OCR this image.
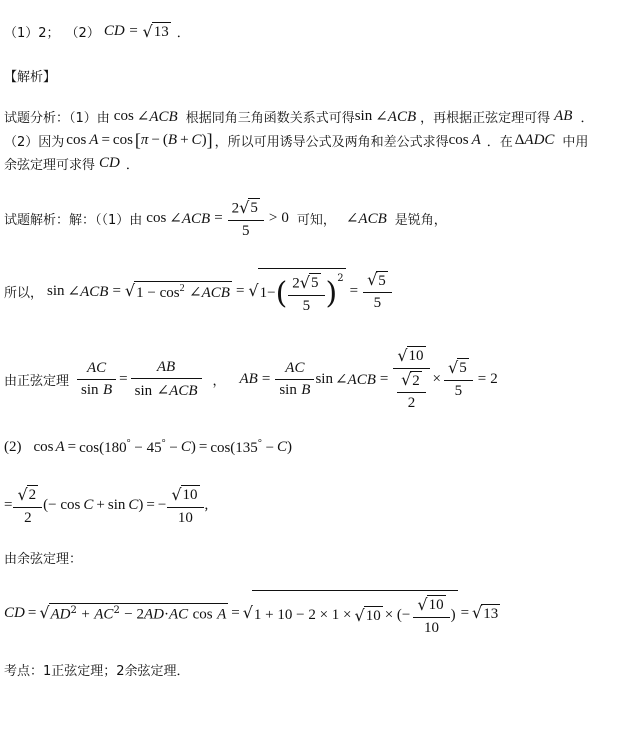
（1）2； （2） CD = √ 13 ．
【解析】
试题分析：（1）由 cos ∠ACB 根据同角三角函数关系式可得 sin ∠ACB ，再根据正弦定理可得 AB ．
（2）因为 cos A = cos [ π − ( B + C ) ] ，所以可用诱导公式及两角和差公式求得 cos A ．在 Δ ADC 中用
余弦定理可求得 CD ．
试题解析：解：（（1）由 cos ∠ACB = $\frac{2 √ 5}{5} > 0$ 可知， ∠ACB 是锐角，
所以， sin ∠ACB = √ $1 - \cos^2$ ∠ACB = √ 1− ( $\frac{2 √ 5}{5} )^2$
= $\frac{√ 5}{5}$
由正弦定理 $\frac{AC}{\text{sin B}} = \frac{AB}{\text{sin ∠ACB}}$ ， AB = $\frac{AC}{\text{sin B}}$ sin ∠ACB = $\frac{√ 10}{\frac{√ 2}{2}} \times \frac{√ 5}{5} = 2$
(2) cos A = cos(180° − 45° − C ) = cos(135° − C )
= $\frac{√ 2}{2}$ (− cos C + sin C ) = − $\frac{√ 10}{10}$ ,
由余弦定理：
CD = √ $AD^2 + AC^2 - 2AD\cdot AC$ cos A = √ 1 + 10 − 2 × 1 × √ 10 × (− $\frac{√ 10}{10}$ ) = √ 13
考点：1正弦定理；2余弦定理．
